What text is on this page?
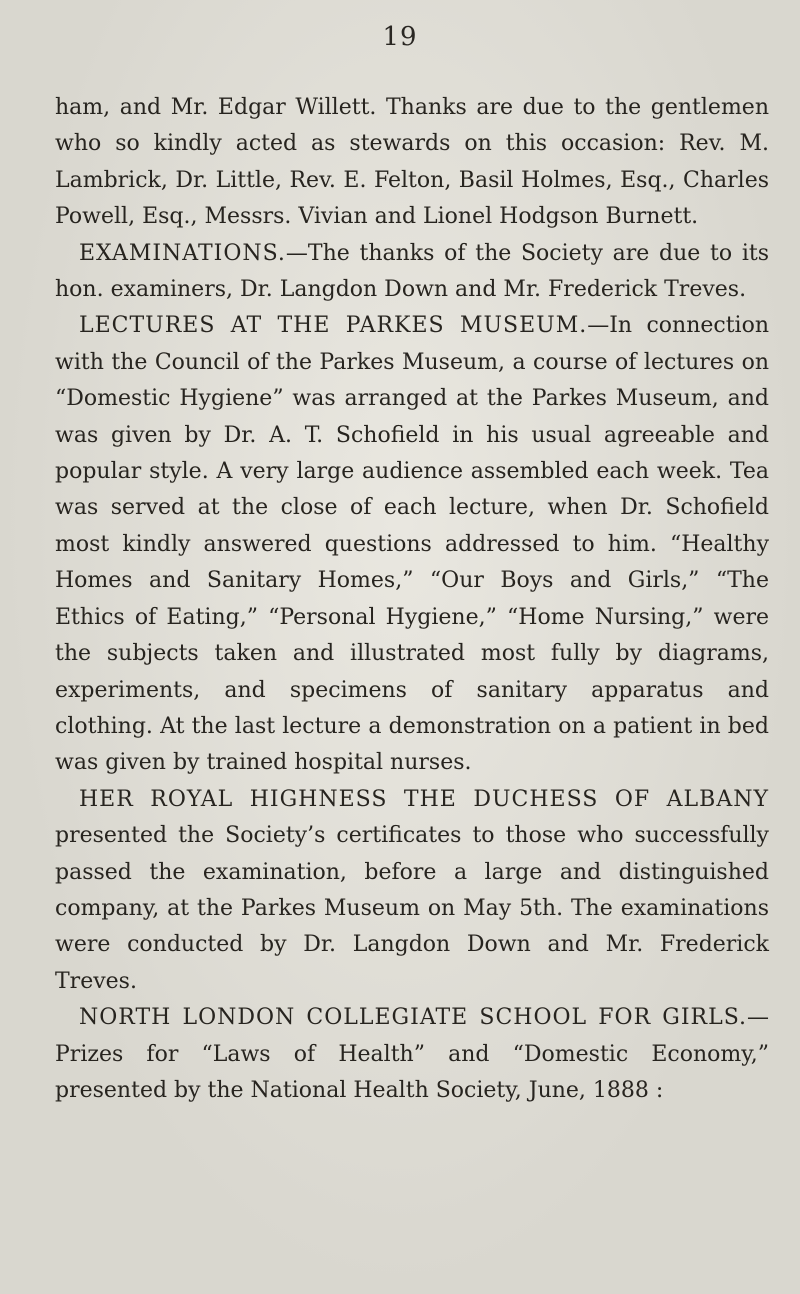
19

ham, and Mr. Edgar Willett. Thanks are due to the gentlemen who so kindly acted as stewards on this occasion: Rev. M. Lambrick, Dr. Little, Rev. E. Felton, Basil Holmes, Esq., Charles Powell, Esq., Messrs. Vivian and Lionel Hodgson Burnett.

EXAMINATIONS.—The thanks of the Society are due to its hon. examiners, Dr. Langdon Down and Mr. Frederick Treves.

LECTURES AT THE PARKES MUSEUM.—In connection with the Council of the Parkes Museum, a course of lectures on “Domestic Hygiene” was arranged at the Parkes Museum, and was given by Dr. A. T. Schofield in his usual agreeable and popular style. A very large audience assembled each week. Tea was served at the close of each lecture, when Dr. Schofield most kindly answered questions addressed to him. “Healthy Homes and Sanitary Homes,” “Our Boys and Girls,” “The Ethics of Eating,” “Personal Hygiene,” “Home Nursing,” were the subjects taken and illustrated most fully by diagrams, experiments, and specimens of sanitary apparatus and clothing. At the last lecture a demonstration on a patient in bed was given by trained hospital nurses.

HER ROYAL HIGHNESS THE DUCHESS OF ALBANY presented the Society’s certificates to those who successfully passed the examination, before a large and distinguished company, at the Parkes Museum on May 5th. The examinations were conducted by Dr. Langdon Down and Mr. Frederick Treves.

NORTH LONDON COLLEGIATE SCHOOL FOR GIRLS.—Prizes for “Laws of Health” and “Domestic Economy,” presented by the National Health Society, June, 1888 :
